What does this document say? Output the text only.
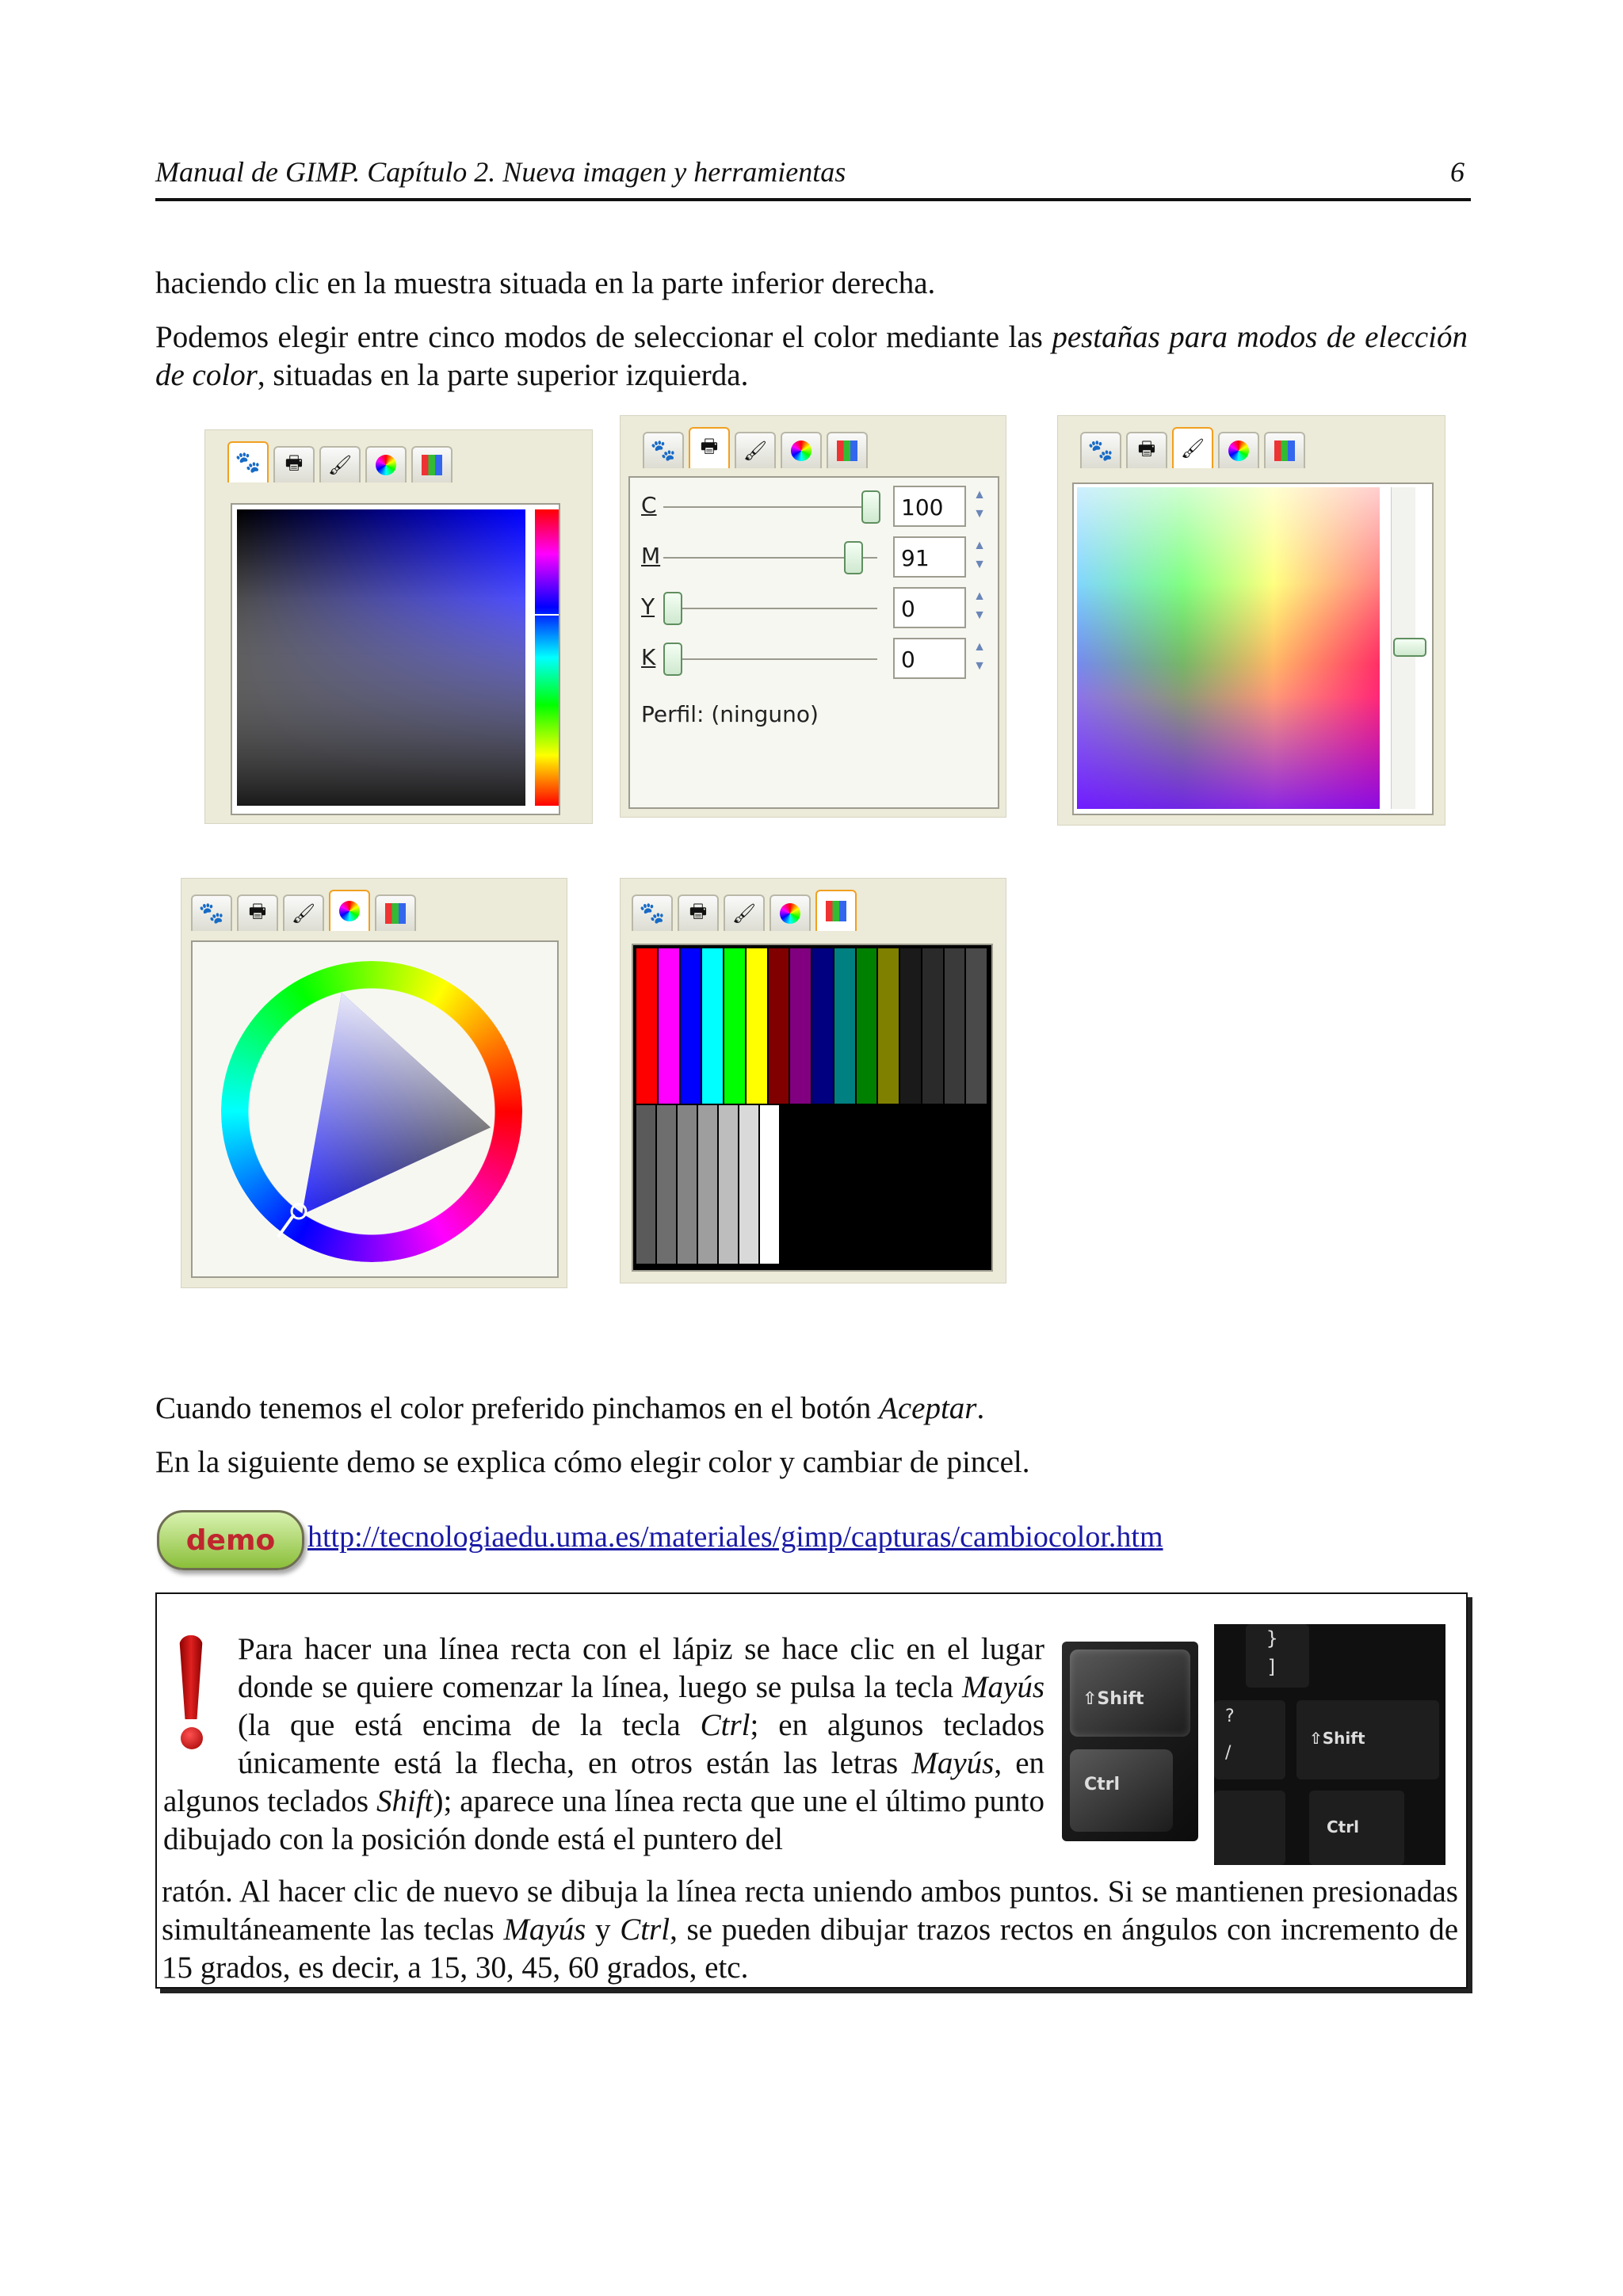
Manual de GIMP. Capítulo 2. Nueva imagen y herramientas	6
haciendo clic en la muestra situada en la parte inferior derecha.
Podemos elegir entre cinco modos de seleccionar el color mediante las pestañas para modos de elección de color, situadas en la parte superior izquierda.
🐾 🖶 🖌
🐾 🖶 🖌
Perfil: (ninguno)
C	100	▲
▼
M	91	▲
▼
Y	0	▲
▼
K	0	▲
▼
🐾 🖶 🖌
🐾 🖶 🖌	🐾 🖶 🖌
Cuando tenemos el color preferido pinchamos en el botón Aceptar.
En la siguiente demo se explica cómo elegir color y cambiar de pincel.
demo http://tecnologiaedu.uma.es/materiales/gimp/capturas/cambiocolor.htm
⇧Shift
Ctrl
}
]
?
/
⇧Shift
Ctrl
Para hacer una línea recta con el lápiz se hace clic en el lugar donde se quiere comenzar la línea, luego se pulsa la tecla Mayús (la que está encima de la tecla Ctrl; en algunos teclados únicamente está la flecha, en otros están las letras Mayús, en algunos teclados Shift); aparece una línea recta que une el último punto dibujado con la posición donde está el puntero del
ratón. Al hacer clic de nuevo se dibuja la línea recta uniendo ambos puntos. Si se mantienen presionadas simultáneamente las teclas Mayús y Ctrl, se pueden dibujar trazos rectos en ángulos con incremento de 15 grados, es decir, a 15, 30, 45, 60 grados, etc.
